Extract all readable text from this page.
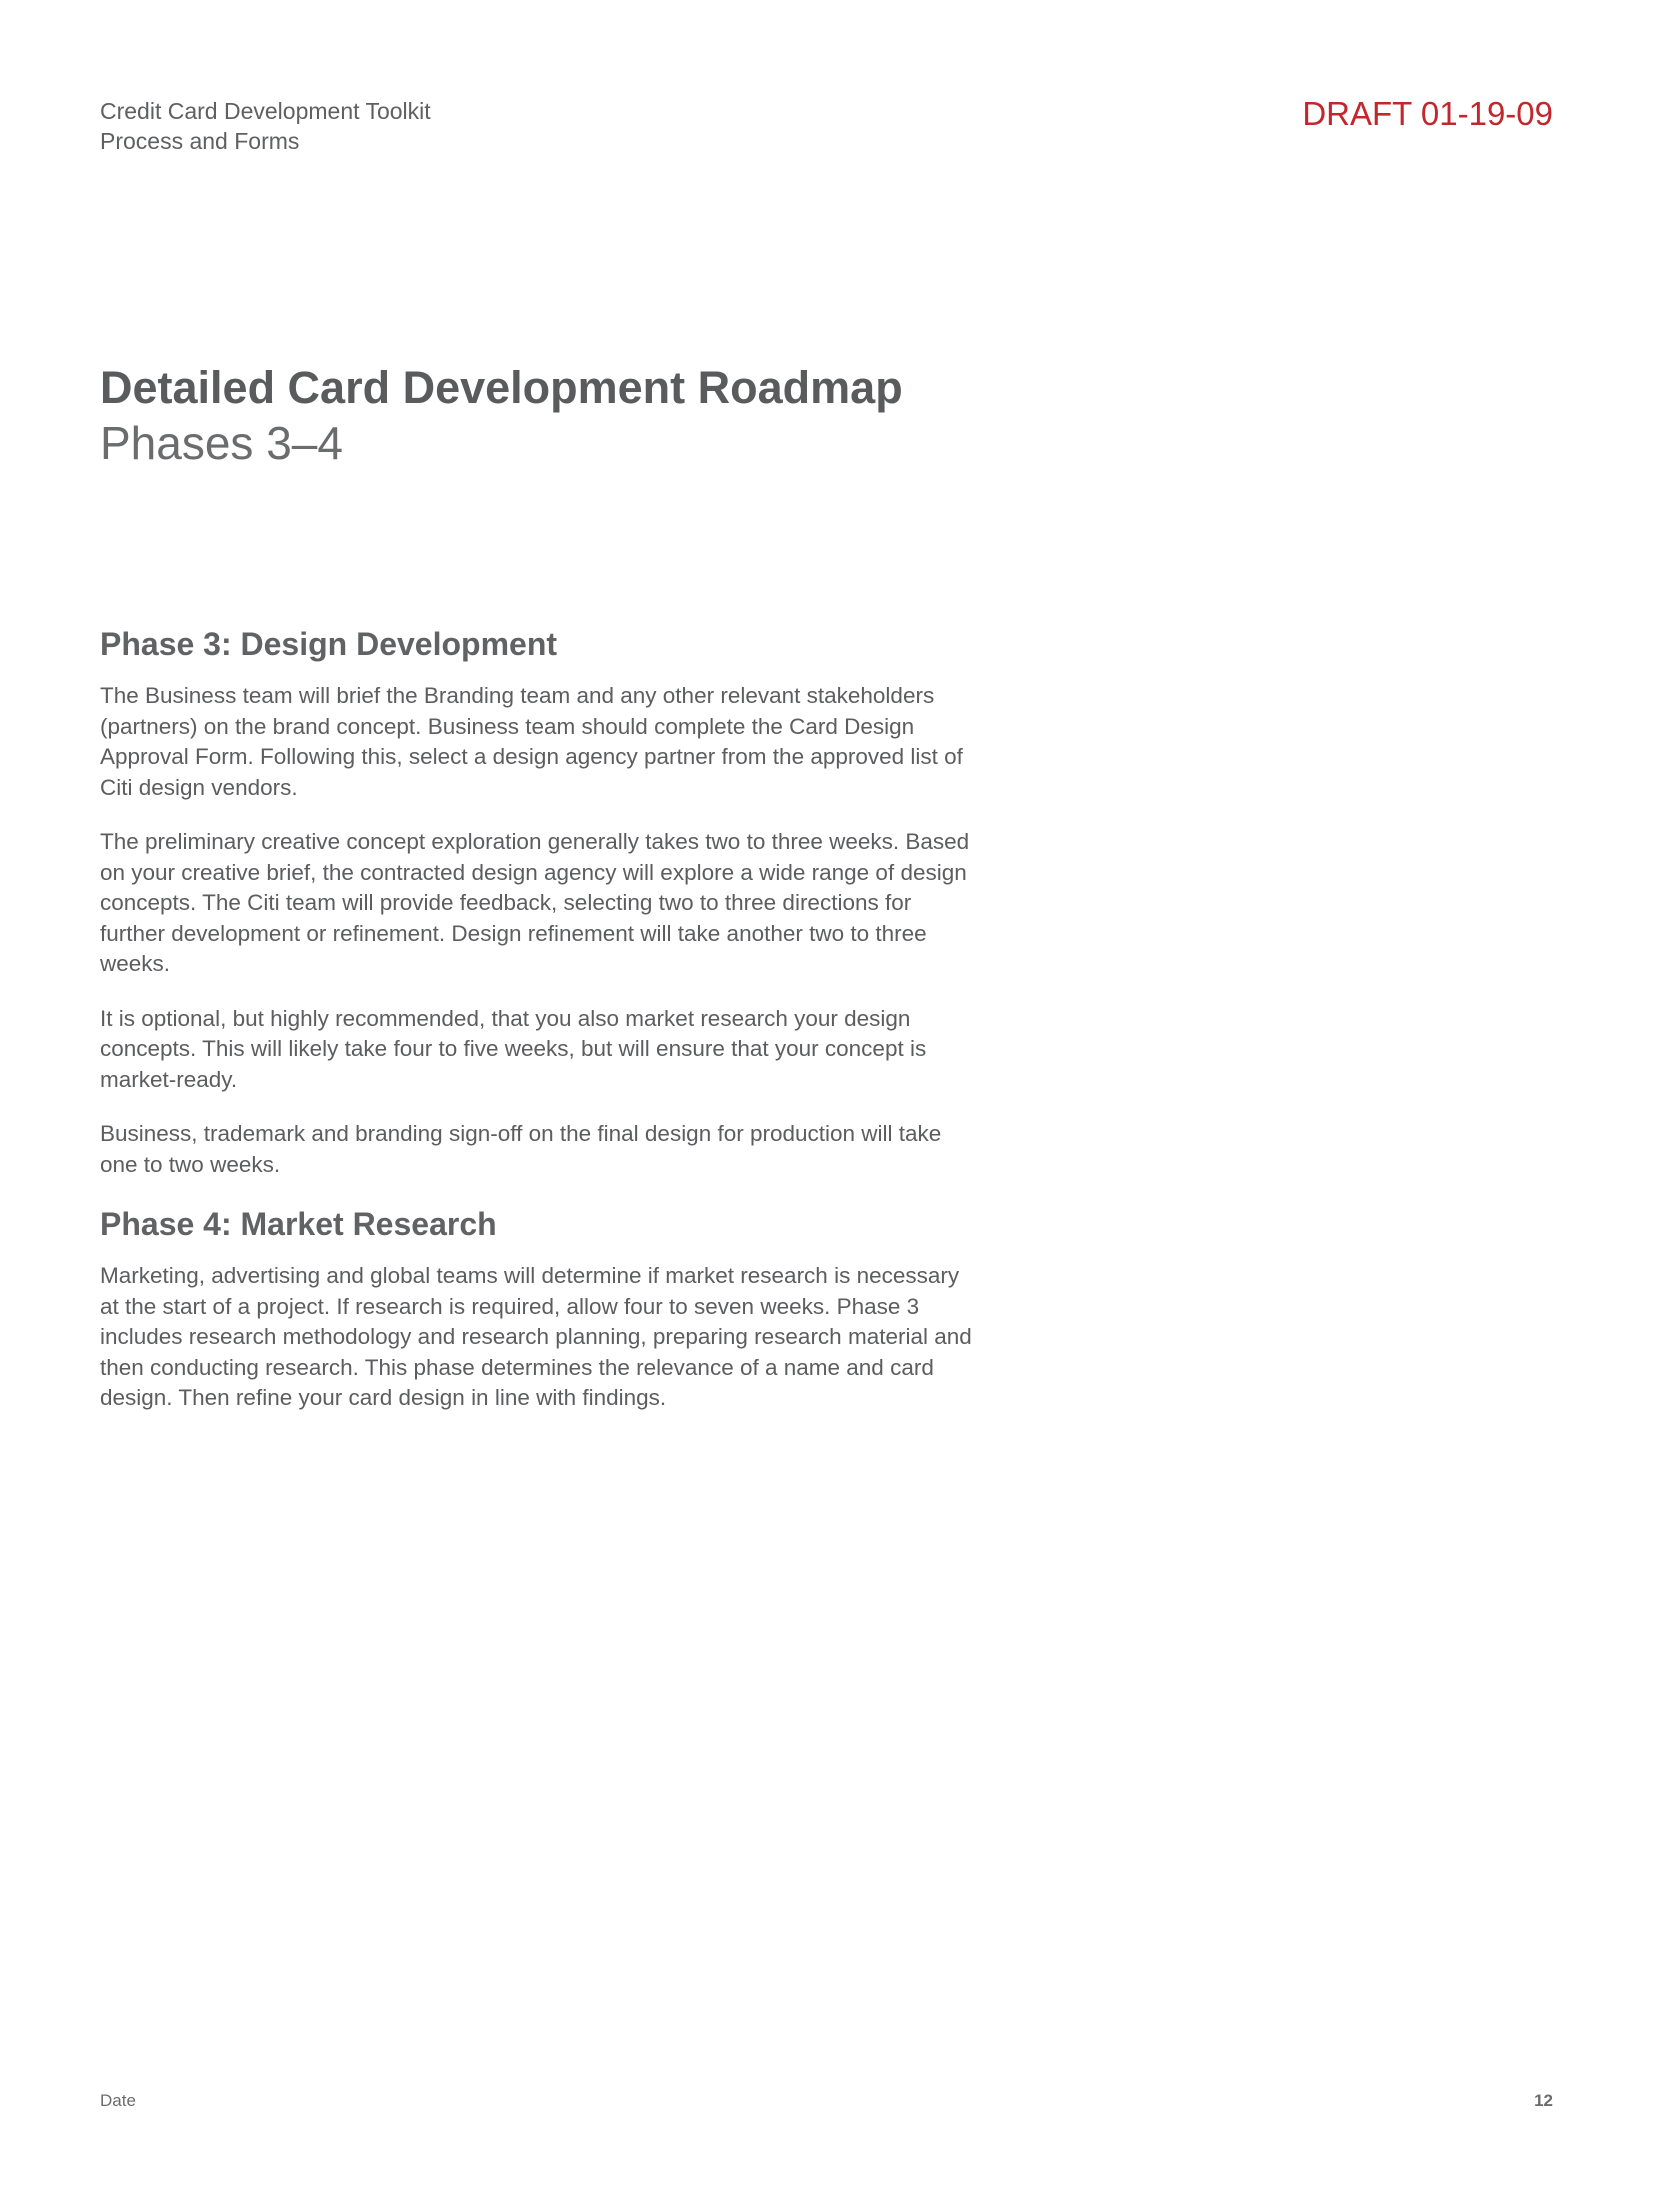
Credit Card Development Toolkit
Process and Forms
DRAFT 01-19-09
Detailed Card Development Roadmap
Phases 3–4
Phase 3: Design Development

The Business team will brief the Branding team and any other relevant stakeholders (partners) on the brand concept. Business team should complete the Card Design Approval Form. Following this, select a design agency partner from the approved list of Citi design vendors.

The preliminary creative concept exploration generally takes two to three weeks. Based on your creative brief, the contracted design agency will explore a wide range of design concepts. The Citi team will provide feedback, selecting two to three directions for further development or refinement. Design refinement will take another two to three weeks.

It is optional, but highly recommended, that you also market research your design concepts. This will likely take four to five weeks, but will ensure that your concept is market-ready.

Business, trademark and branding sign-off on the final design for production will take one to two weeks.

Phase 4: Market Research

Marketing, advertising and global teams will determine if market research is necessary at the start of a project. If research is required, allow four to seven weeks. Phase 3 includes research methodology and research planning, preparing research material and then conducting research. This phase determines the relevance of a name and card design. Then refine your card design in line with findings.

Date	12
